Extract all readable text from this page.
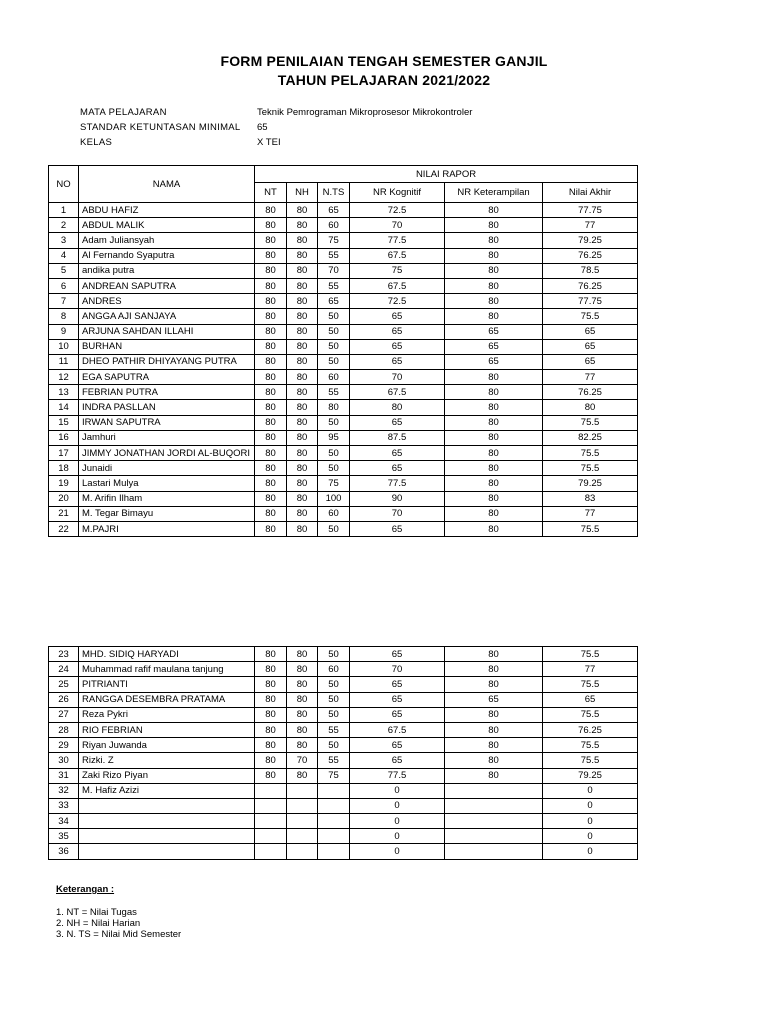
FORM PENILAIAN TENGAH SEMESTER GANJIL
TAHUN PELAJARAN 2021/2022
MATA PELAJARAN	Teknik Pemrograman Mikroprosesor Mikrokontroler
STANDAR KETUNTASAN MINIMAL	65
KELAS	X TEI
NO	NAMA	NILAI RAPOR					
		NT	NH	N.TS	NR Kognitif	NR Keterampilan	Nilai Akhir
1	ABDU HAFIZ	80	80	65	72.5	80	77.75
2	ABDUL MALIK	80	80	60	70	80	77
3	Adam Juliansyah	80	80	75	77.5	80	79.25
4	Al Fernando Syaputra	80	80	55	67.5	80	76.25
5	andika putra	80	80	70	75	80	78.5
6	ANDREAN SAPUTRA	80	80	55	67.5	80	76.25
7	ANDRES	80	80	65	72.5	80	77.75
8	ANGGA AJI SANJAYA	80	80	50	65	80	75.5
9	ARJUNA SAHDAN ILLAHI	80	80	50	65	65	65
10	BURHAN	80	80	50	65	65	65
11	DHEO PATHIR DHIYAYANG PUTRA	80	80	50	65	65	65
12	EGA SAPUTRA	80	80	60	70	80	77
13	FEBRIAN PUTRA	80	80	55	67.5	80	76.25
14	INDRA PASLLAN	80	80	80	80	80	80
15	IRWAN SAPUTRA	80	80	50	65	80	75.5
16	Jamhuri	80	80	95	87.5	80	82.25
17	JIMMY JONATHAN JORDI AL-BUQORI	80	80	50	65	80	75.5
18	Junaidi	80	80	50	65	80	75.5
19	Lastari Mulya	80	80	75	77.5	80	79.25
20	M. Arifin Ilham	80	80	100	90	80	83
21	M. Tegar Bimayu	80	80	60	70	80	77
22	M.PAJRI	80	80	50	65	80	75.5
23	MHD. SIDIQ HARYADI	80	80	50	65	80	75.5
24	Muhammad rafif maulana tanjung	80	80	60	70	80	77
25	PITRIANTI	80	80	50	65	80	75.5
26	RANGGA DESEMBRA PRATAMA	80	80	50	65	65	65
27	Reza Pykri	80	80	50	65	80	75.5
28	RIO FEBRIAN	80	80	55	67.5	80	76.25
29	Riyan Juwanda	80	80	50	65	80	75.5
30	Rizki. Z	80	70	55	65	80	75.5
31	Zaki Rizo Piyan	80	80	75	77.5	80	79.25
32	M. Hafiz Azizi				0		0
33					0		0
34					0		0
35					0		0
36					0		0
Keterangan :
1. NT = Nilai Tugas
2. NH = Nilai Harian
3. N. TS = Nilai Mid Semester
